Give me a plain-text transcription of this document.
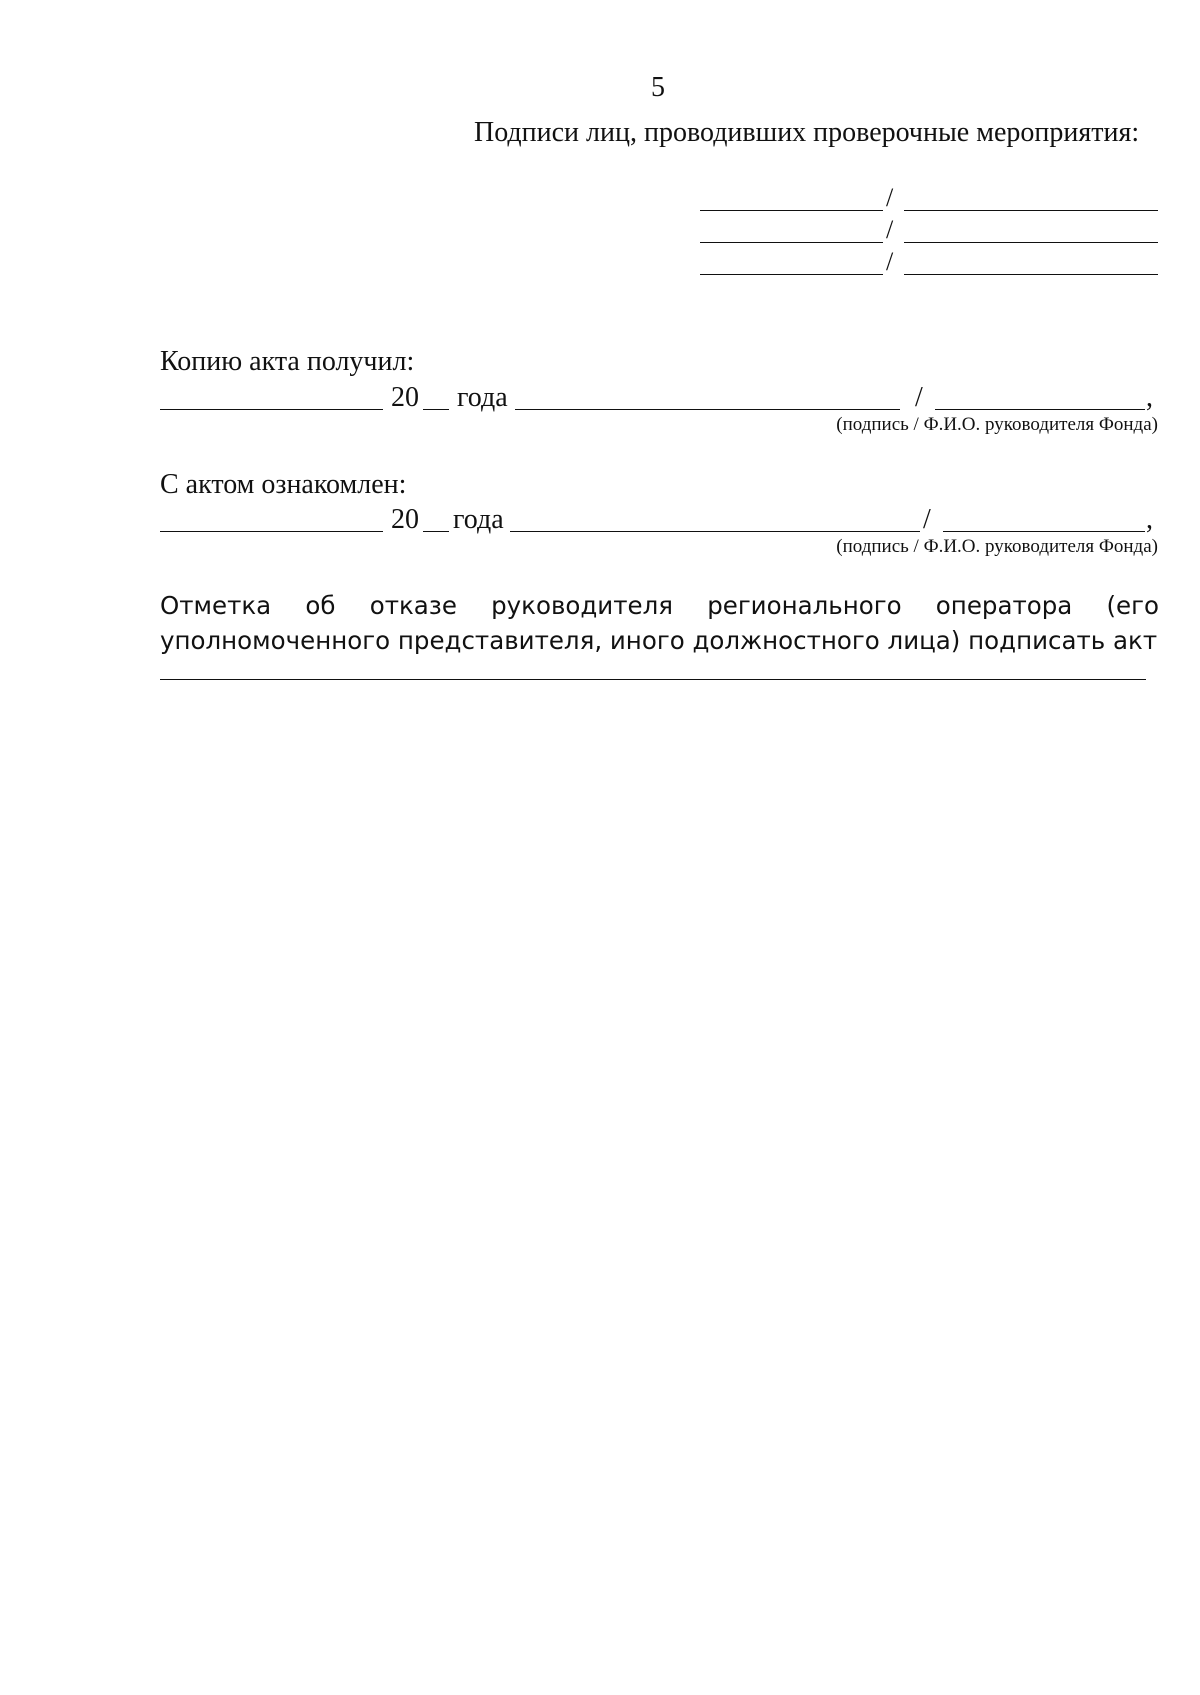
5
Подписи лиц, проводивших проверочные мероприятия:
/
/
/
Копию акта получил:
20 года	/	,
(подпись / Ф.И.О. руководителя Фонда)
С актом ознакомлен:
20 года	/	,
(подпись / Ф.И.О. руководителя Фонда)
Отметка об отказе руководителя регионального оператора (его уполномоченного представителя, иного должностного лица) подписать акт
